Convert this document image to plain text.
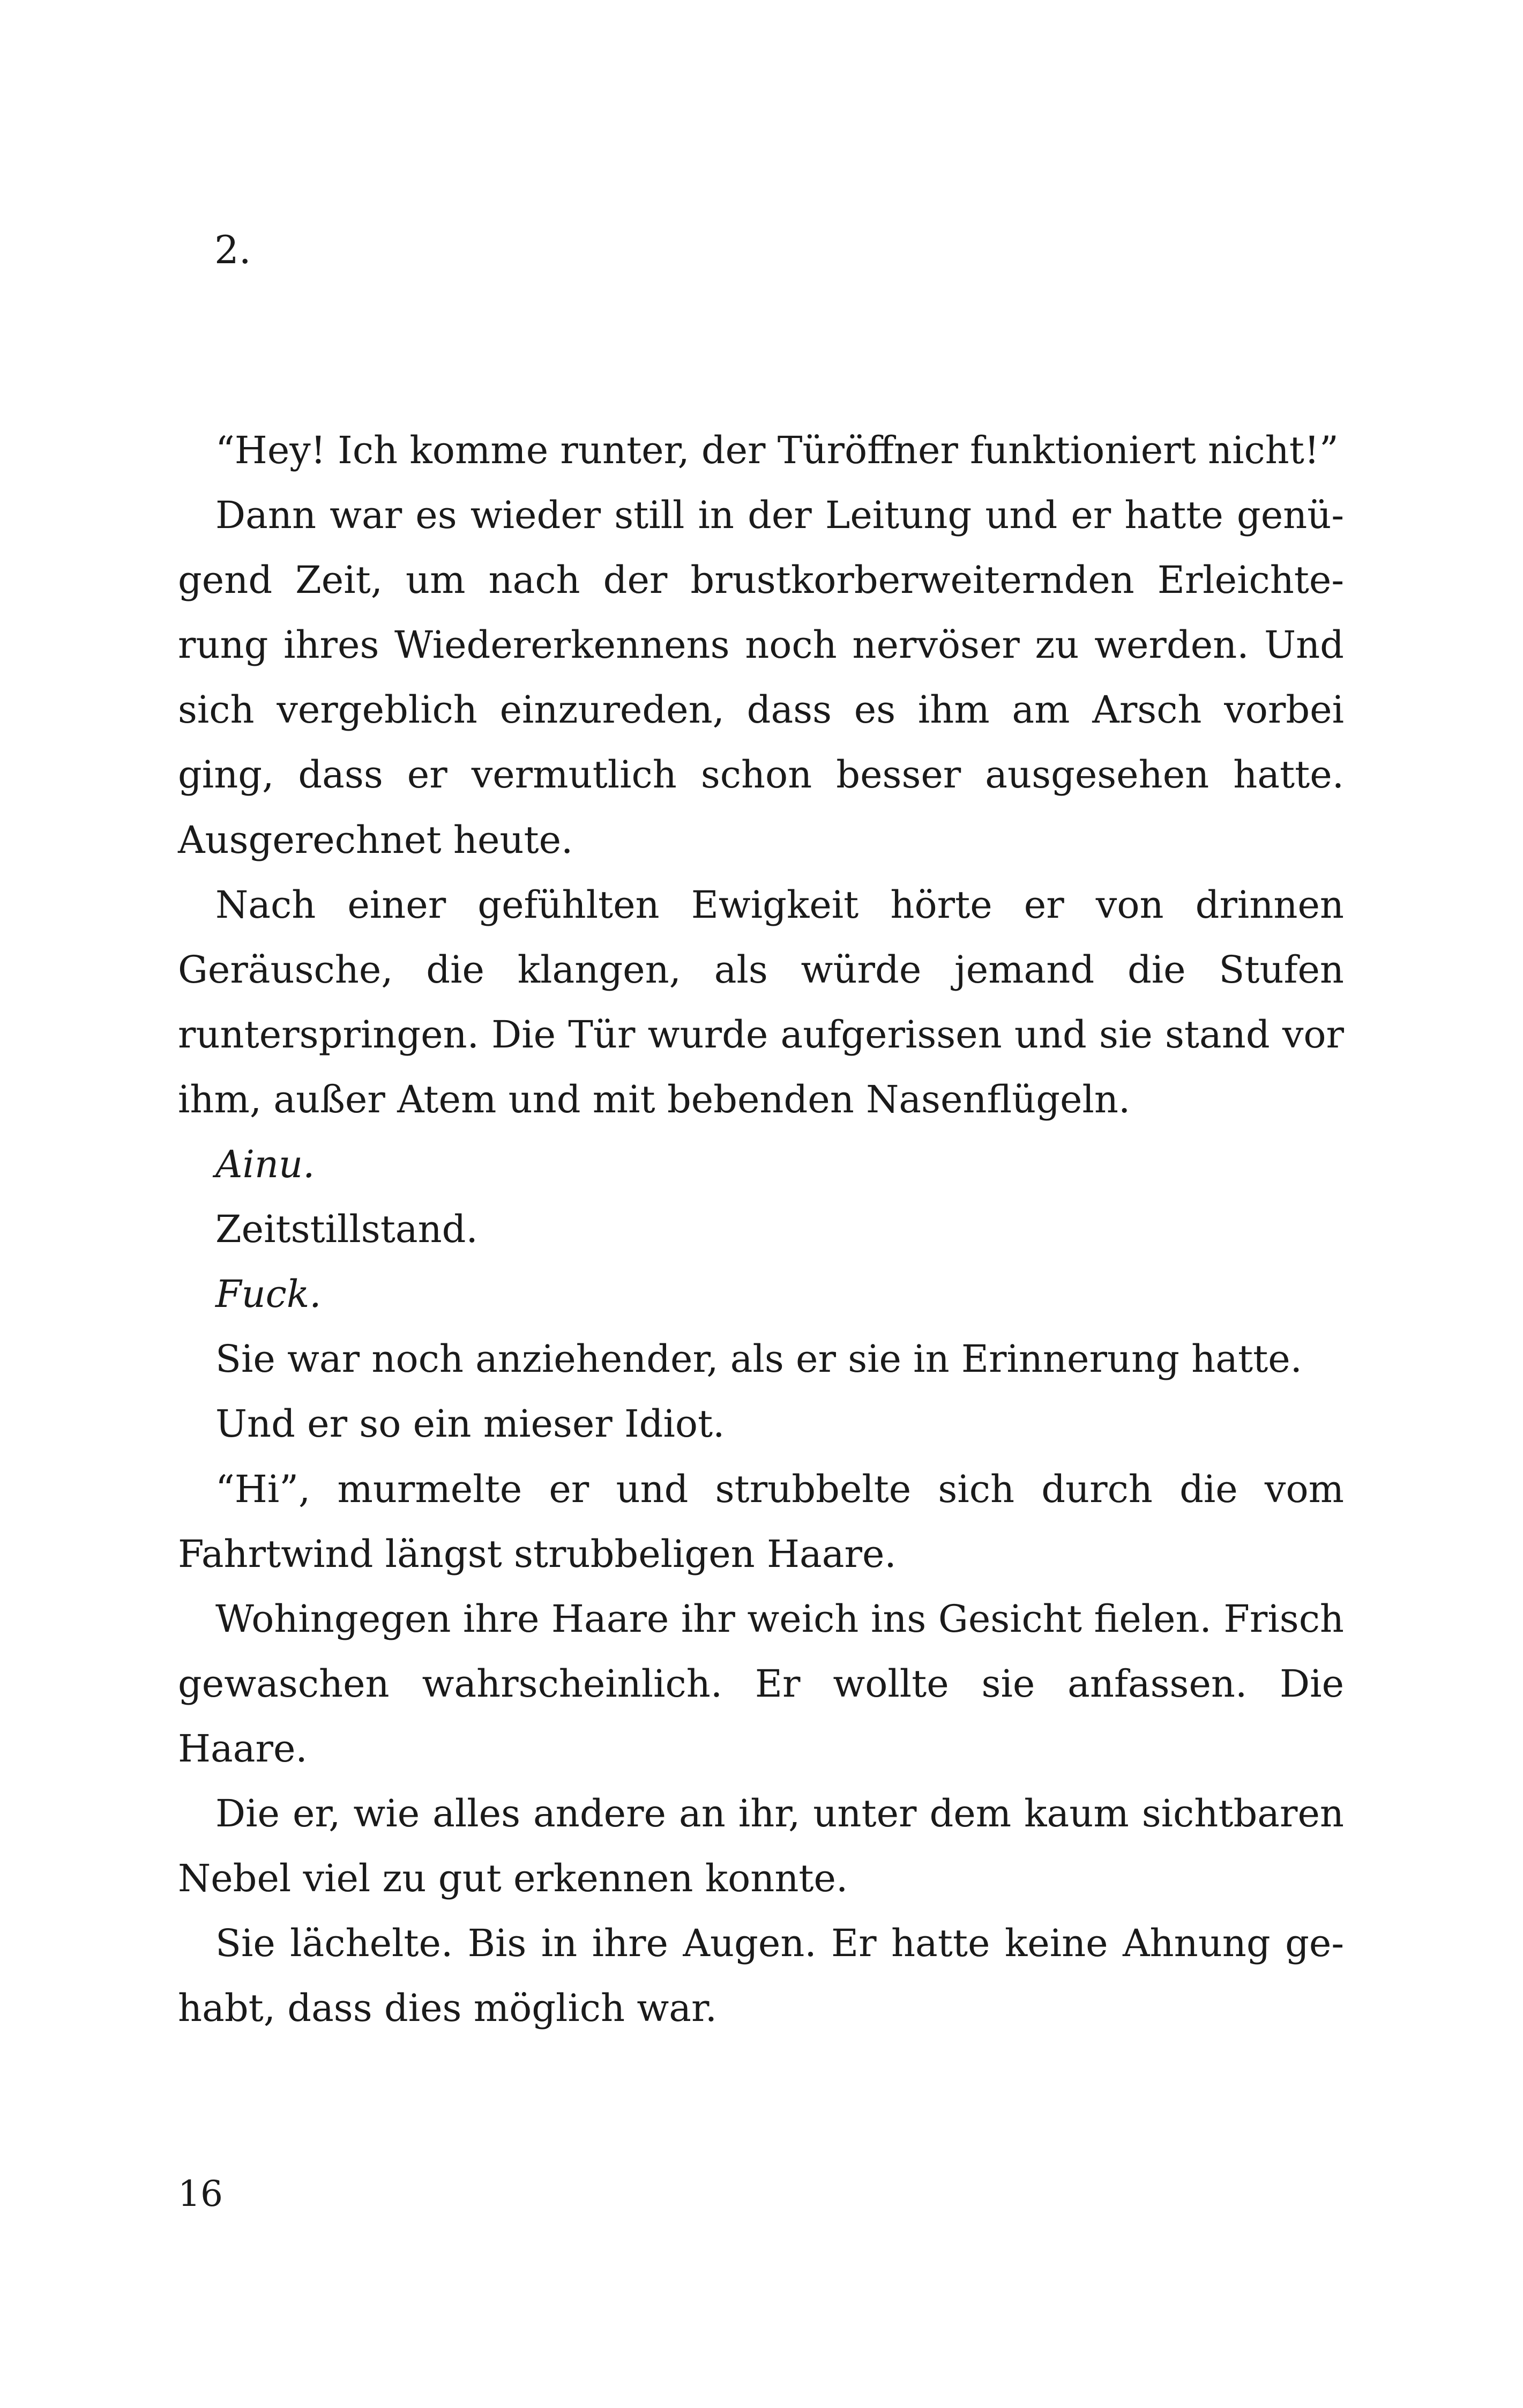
2.

“Hey! Ich komme runter, der Türöffner funktioniert nicht!”

Dann war es wieder still in der Leitung und er hatte genügend Zeit, um nach der brustkorberweiternden Erleichterung ihres Wiedererkennens noch nervöser zu werden. Und sich vergeblich einzureden, dass es ihm am Arsch vorbei ging, dass er vermutlich schon besser ausgesehen hatte. Ausgerechnet heute.

Nach einer gefühlten Ewigkeit hörte er von drinnen Geräusche, die klangen, als würde jemand die Stufen runterspringen. Die Tür wurde aufgerissen und sie stand vor ihm, außer Atem und mit bebenden Nasenflügeln.

Ainu.

Zeitstillstand.

Fuck.

Sie war noch anziehender, als er sie in Erinnerung hatte.

Und er so ein mieser Idiot.

“Hi”, murmelte er und strubbelte sich durch die vom Fahrtwind längst strubbeligen Haare.

Wohingegen ihre Haare ihr weich ins Gesicht fielen. Frisch gewaschen wahrscheinlich. Er wollte sie anfassen. Die Haare.

Die er, wie alles andere an ihr, unter dem kaum sichtbaren Nebel viel zu gut erkennen konnte.

Sie lächelte. Bis in ihre Augen. Er hatte keine Ahnung gehabt, dass dies möglich war.

16
